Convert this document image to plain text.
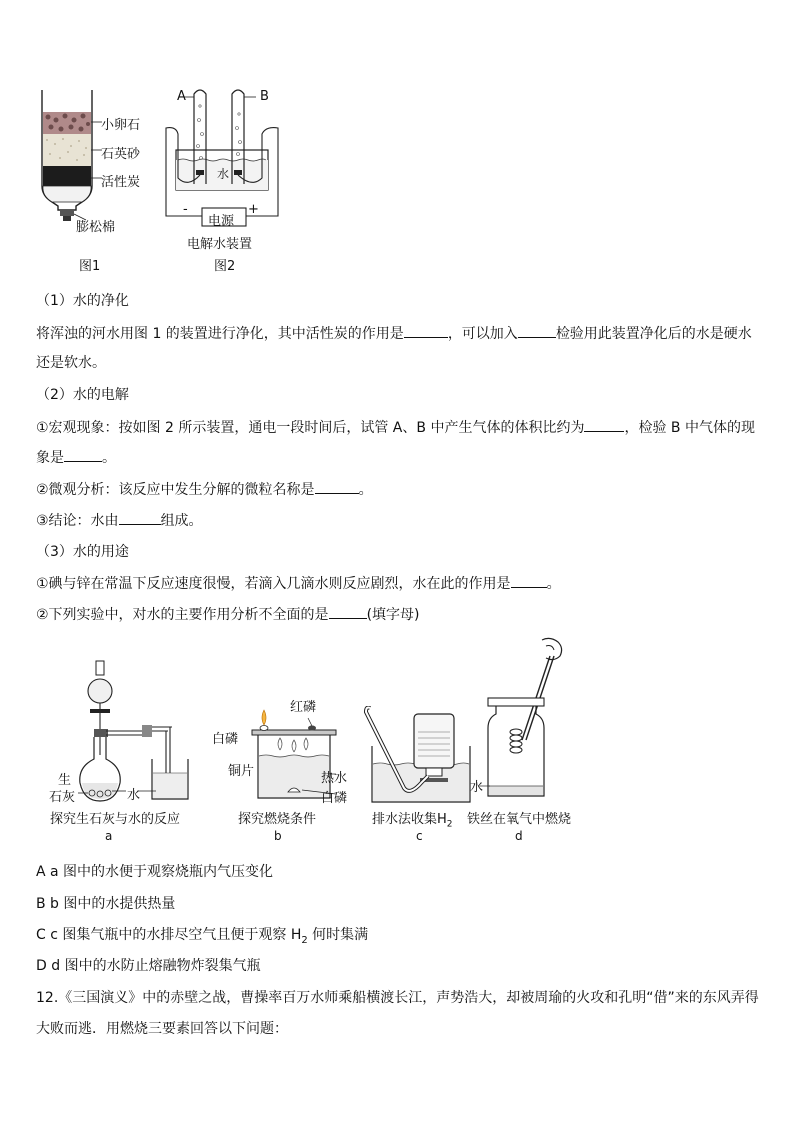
小卵石
石英砂
活性炭
膨松棉
图1
A	B
水
-	+
电源
电解水装置
图2
（1）水的净化
将浑浊的河水用图 1 的装置进行净化，其中活性炭的作用是	，可以加入	检验用此装置净化后的水是硬水
还是软水。
（2）水的电解
①宏观现象：按如图 2 所示装置，通电一段时间后，试管 A、B 中产生气体的体积比约为	，检验 B 中气体的现
象是	。
②微观分析：该反应中发生分解的微粒名称是	。
③结论：水由	组成。
（3）水的用途
①碘与锌在常温下反应速度很慢，若滴入几滴水则反应剧烈，水在此的作用是	。
②下列实验中，对水的主要作用分析不全面的是	(填字母)
生
石灰	水
探究生石灰与水的反应
a
红磷
白磷
铜片	热水
白磷
探究燃烧条件
b
排水法收集$H_2$
c
水
铁丝在氧气中燃烧
d
A a 图中的水便于观察烧瓶内气压变化
B b 图中的水提供热量
C c 图集气瓶中的水排尽空气且便于观察 $H_2$ 何时集满
D d 图中的水防止熔融物炸裂集气瓶
12.《三国演义》中的赤壁之战，曹操率百万水师乘船横渡长江，声势浩大，却被周瑜的火攻和孔明“借”来的东风弄得
大败而逃．用燃烧三要素回答以下问题：
